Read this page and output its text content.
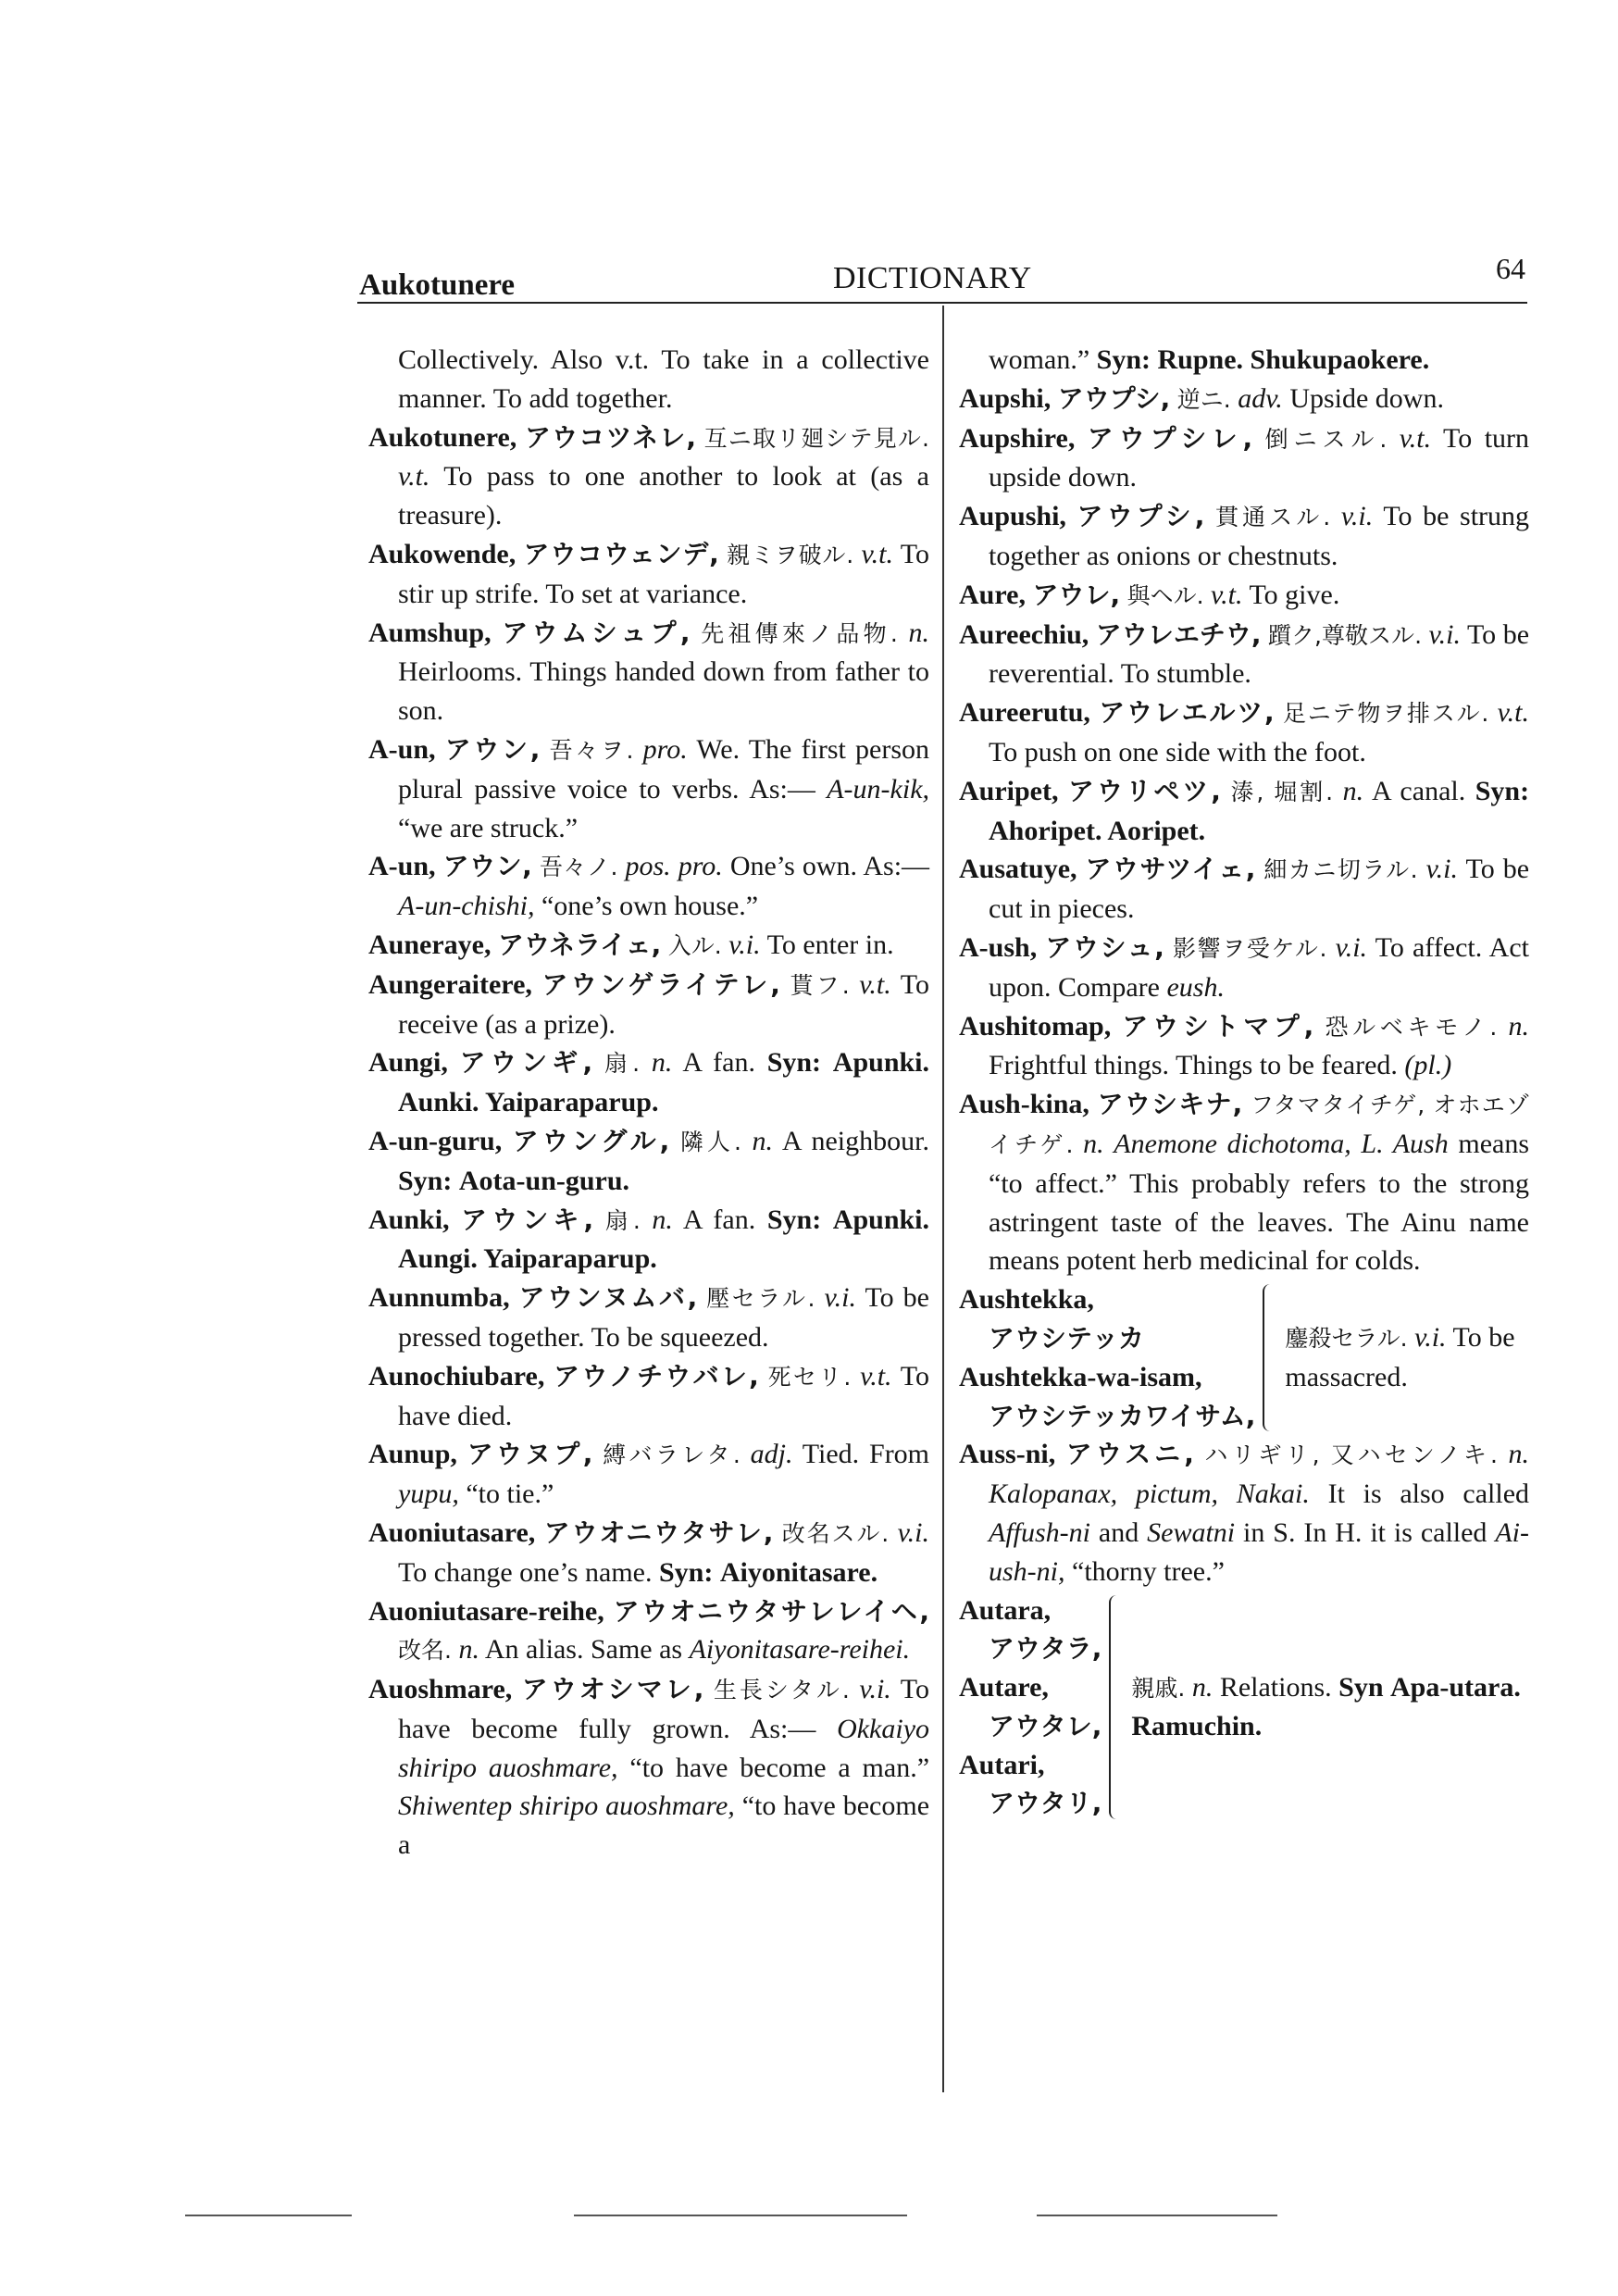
Aukotunere	DICTIONARY	64

Collectively. Also v.t. To take in a collective manner. To add together.

Aukotunere, アウコツネレ, 互ニ取リ廻シテ見ル. v.t. To pass to one another to look at (as a treasure).

Aukowende, アウコウェンデ, 親ミヲ破ル. v.t. To stir up strife. To set at variance.

Aumshup, アウムシュプ, 先祖傳來ノ品物. n. Heirlooms. Things handed down from father to son.

A-un, アウン, 吾々ヲ. pro. We. The first person plural passive voice to verbs. As:— A-un-kik, “we are struck.”

A-un, アウン, 吾々ノ. pos. pro. One’s own. As:— A-un-chishi, “one’s own house.”

Auneraye, アウネライェ, 入ル. v.i. To enter in.

Aungeraitere, アウンゲライテレ, 貰フ. v.t. To receive (as a prize).

Aungi, アウンギ, 扇. n. A fan. Syn: Apunki. Aunki. Yaiparaparup.

A-un-guru, アウングル, 隣人. n. A neighbour. Syn: Aota-un-guru.

Aunki, アウンキ, 扇. n. A fan. Syn: Apunki. Aungi. Yaiparaparup.

Aunnumba, アウンヌムバ, 壓セラル. v.i. To be pressed together. To be squeezed.

Aunochiubare, アウノチウバレ, 死セリ. v.t. To have died.

Aunup, アウヌプ, 縛バラレタ. adj. Tied. From yupu, “to tie.”

Auoniutasare, アウオニウタサレ, 改名スル. v.i. To change one’s name. Syn: Aiyonitasare.

Auoniutasare-reihe, アウオニウタサレレイヘ, 改名. n. An alias. Same as Aiyonitasare-reihei.

Auoshmare, アウオシマレ, 生長シタル. v.i. To have become fully grown. As:— Okkaiyo shiripo auoshmare, “to have become a man.” Shiwentep shiripo auoshmare, “to have become a

woman.” Syn: Rupne. Shukupaokere.

Aupshi, アウプシ, 逆ニ. adv. Upside down.

Aupshire, アウプシレ, 倒ニスル. v.t. To turn upside down.

Aupushi, アウプシ, 貫通スル. v.i. To be strung together as onions or chestnuts.

Aure, アウレ, 與ヘル. v.t. To give.

Aureechiu, アウレエチウ, 躓ク,尊敬スル. v.i. To be reverential. To stumble.

Aureerutu, アウレエルツ, 足ニテ物ヲ排スル. v.t. To push on one side with the foot.

Auripet, アウリペツ, 溙, 堀割. n. A canal. Syn: Ahoripet. Aoripet.

Ausatuye, アウサツイェ, 細カニ切ラル. v.i. To be cut in pieces.

A-ush, アウシュ, 影響ヲ受ケル. v.i. To affect. Act upon. Compare eush.

Aushitomap, アウシトマプ, 恐ルベキモノ. n. Frightful things. Things to be feared. (pl.)

Aush-kina, アウシキナ, フタマタイチゲ, オホエゾイチゲ. n. Anemone dichotoma, L. Aush means “to affect.” This probably refers to the strong astringent taste of the leaves. The Ainu name means potent herb medicinal for colds.

Aushtekka,
アウシテッカ
Aushtekka-wa-isam,
アウシテッカワイサム,
鏖殺セラル. v.i. To be massacred.

Auss-ni, アウスニ, ハリギリ, 又ハセンノキ. n. Kalopanax, pictum, Nakai. It is also called Affush-ni and Sewatni in S. In H. it is called Ai-ush-ni, “thorny tree.”

Autara,
アウタラ,
Autare,
アウタレ,
Autari,
アウタリ,
親戚. n. Relations. Syn Apa-utara. Ramuchin.
